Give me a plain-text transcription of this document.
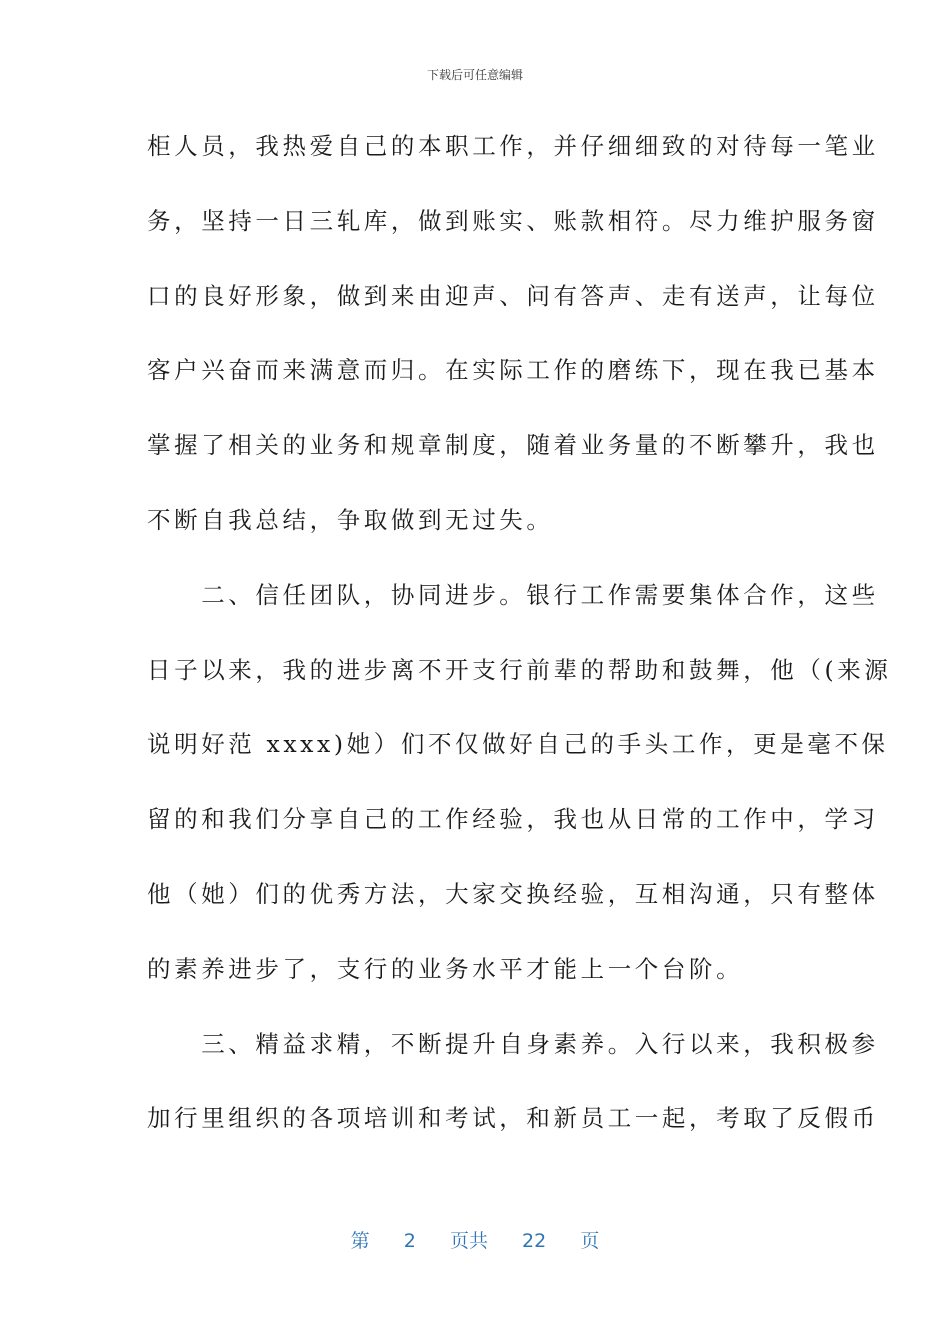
下载后可任意编辑
柜人员，我热爱自己的本职工作，并仔细细致的对待每一笔业
务，坚持一日三轧库，做到账实、账款相符。尽力维护服务窗
口的良好形象，做到来由迎声、问有答声、走有送声，让每位
客户兴奋而来满意而归。在实际工作的磨练下，现在我已基本
掌握了相关的业务和规章制度，随着业务量的不断攀升，我也
不断自我总结，争取做到无过失。
　　二、信任团队，协同进步。银行工作需要集体合作，这些
日子以来，我的进步离不开支行前辈的帮助和鼓舞，他（(来源
说明好范 xxxx)她）们不仅做好自己的手头工作，更是毫不保
留的和我们分享自己的工作经验，我也从日常的工作中，学习
他（她）们的优秀方法，大家交换经验，互相沟通，只有整体
的素养进步了，支行的业务水平才能上一个台阶。
　　三、精益求精，不断提升自身素养。入行以来，我积极参
加行里组织的各项培训和考试，和新员工一起，考取了反假币
第 2 页共 22 页
